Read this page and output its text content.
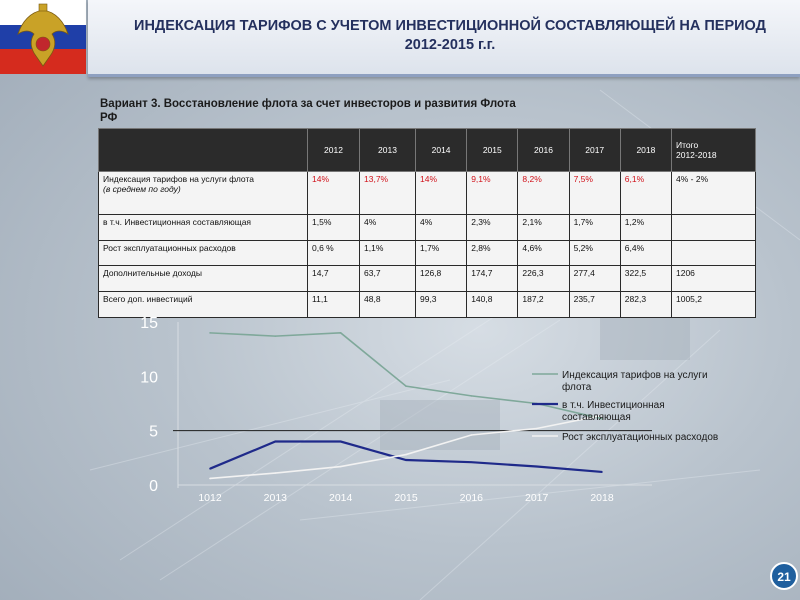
ИНДЕКСАЦИЯ ТАРИФОВ С УЧЕТОМ ИНВЕСТИЦИОННОЙ СОСТАВЛЯЮЩЕЙ НА ПЕРИОД
2012-2015 г.г.
Вариант 3. Восстановление флота за счет инвесторов и развития Флота
РФ
	2012	2013	2014	2015	2016	2017	2018	Итого
2012-2018

Индексация тарифов на услуги флота
(в среднем по году)	14%	13,7%	14%	9,1%	8,2%	7,5%	6,1%	4% - 2%
в т.ч. Инвестиционная составляющая	1,5%	4%	4%	2,3%	2,1%	1,7%	1,2%	
Рост эксплуатационных расходов	0,6 %	1,1%	1,7%	2,8%	4,6%	5,2%	6,4%	
Дополнительные доходы	14,7	63,7	126,8	174,7	226,3	277,4	322,5	1206
Всего доп. инвестиций	11,1	48,8	99,3	140,8	187,2	235,7	282,3	1005,2
0
5
10
15
1012	2013	2014	2015	2016	2017	2018
Индексация тарифов на услуги
флота
в т.ч. Инвестиционная
составляющая
Рост эксплуатационных расходов
21
